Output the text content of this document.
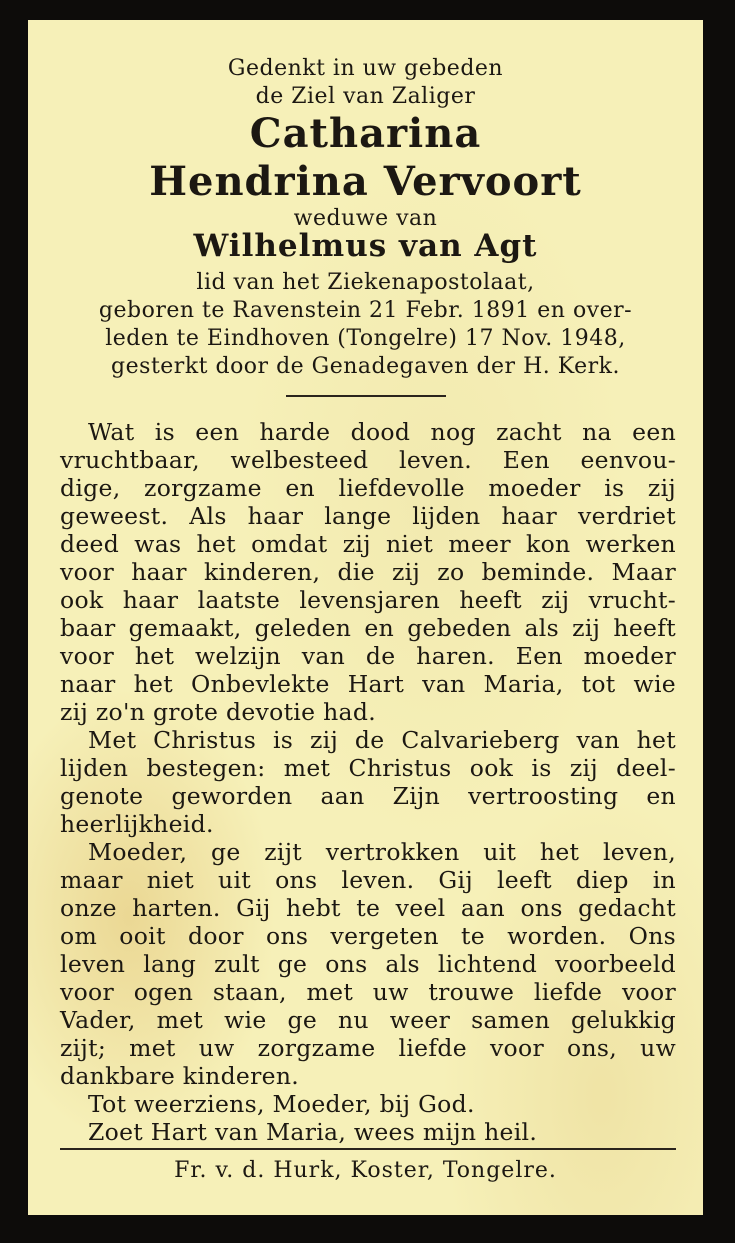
Gedenkt in uw gebeden
de Ziel van Zaliger
Catharina
Hendrina Vervoort
weduwe van
Wilhelmus van Agt
lid van het Ziekenapostolaat,
geboren te Ravenstein 21 Febr. 1891 en over-
leden te Eindhoven (Tongelre) 17 Nov. 1948,
gesterkt door de Genadegaven der H. Kerk.
Wat is een harde dood nog zacht na een
vruchtbaar, welbesteed leven. Een eenvou-
dige, zorgzame en liefdevolle moeder is zij
geweest. Als haar lange lijden haar verdriet
deed was het omdat zij niet meer kon werken
voor haar kinderen, die zij zo beminde. Maar
ook haar laatste levensjaren heeft zij vrucht-
baar gemaakt, geleden en gebeden als zij heeft
voor het welzijn van de haren. Een moeder
naar het Onbevlekte Hart van Maria, tot wie
zij zo'n grote devotie had.
Met Christus is zij de Calvarieberg van het
lijden bestegen: met Christus ook is zij deel-
genote geworden aan Zijn vertroosting en
heerlijkheid.
Moeder, ge zijt vertrokken uit het leven,
maar niet uit ons leven. Gij leeft diep in
onze harten. Gij hebt te veel aan ons gedacht
om ooit door ons vergeten te worden. Ons
leven lang zult ge ons als lichtend voorbeeld
voor ogen staan, met uw trouwe liefde voor
Vader, met wie ge nu weer samen gelukkig
zijt; met uw zorgzame liefde voor ons, uw
dankbare kinderen.
Tot weerziens, Moeder, bij God.
Zoet Hart van Maria, wees mijn heil.
Fr. v. d. Hurk, Koster, Tongelre.
